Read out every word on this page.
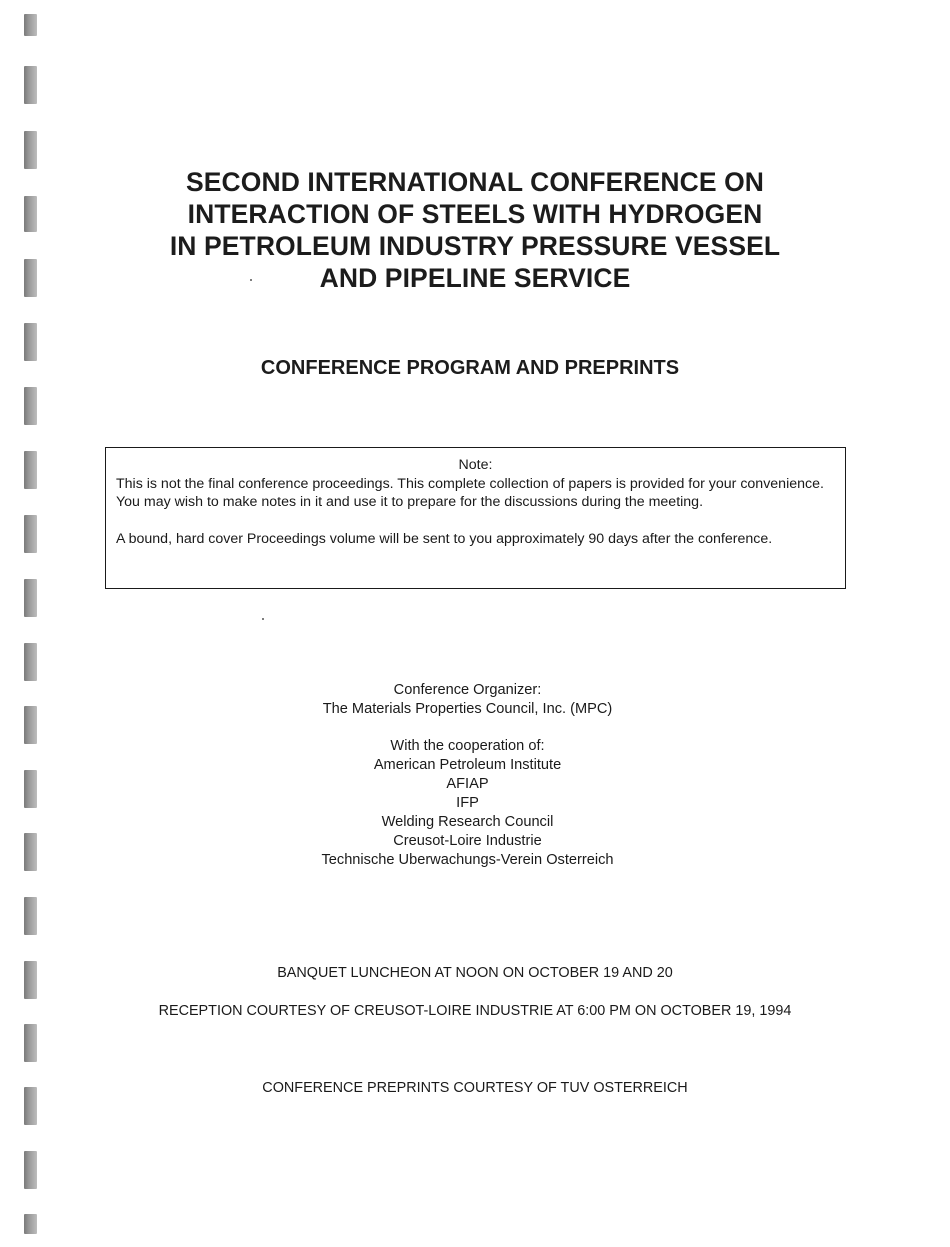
SECOND INTERNATIONAL CONFERENCE ON
INTERACTION OF STEELS WITH HYDROGEN
IN PETROLEUM INDUSTRY PRESSURE VESSEL
AND PIPELINE SERVICE
CONFERENCE PROGRAM AND PREPRINTS
Note:

This is not the final conference proceedings. This complete collection of papers is provided for your convenience. You may wish to make notes in it and use it to prepare for the discussions during the meeting.

A bound, hard cover Proceedings volume will be sent to you approximately 90 days after the conference.

Conference Organizer:
The Materials Properties Council, Inc. (MPC)
With the cooperation of:
American Petroleum Institute
AFIAP
IFP
Welding Research Council
Creusot-Loire Industrie
Technische Uberwachungs-Verein Osterreich
BANQUET LUNCHEON AT NOON ON OCTOBER 19 AND 20
RECEPTION COURTESY OF CREUSOT-LOIRE INDUSTRIE AT 6:00 PM ON OCTOBER 19, 1994
CONFERENCE PREPRINTS COURTESY OF TUV OSTERREICH
